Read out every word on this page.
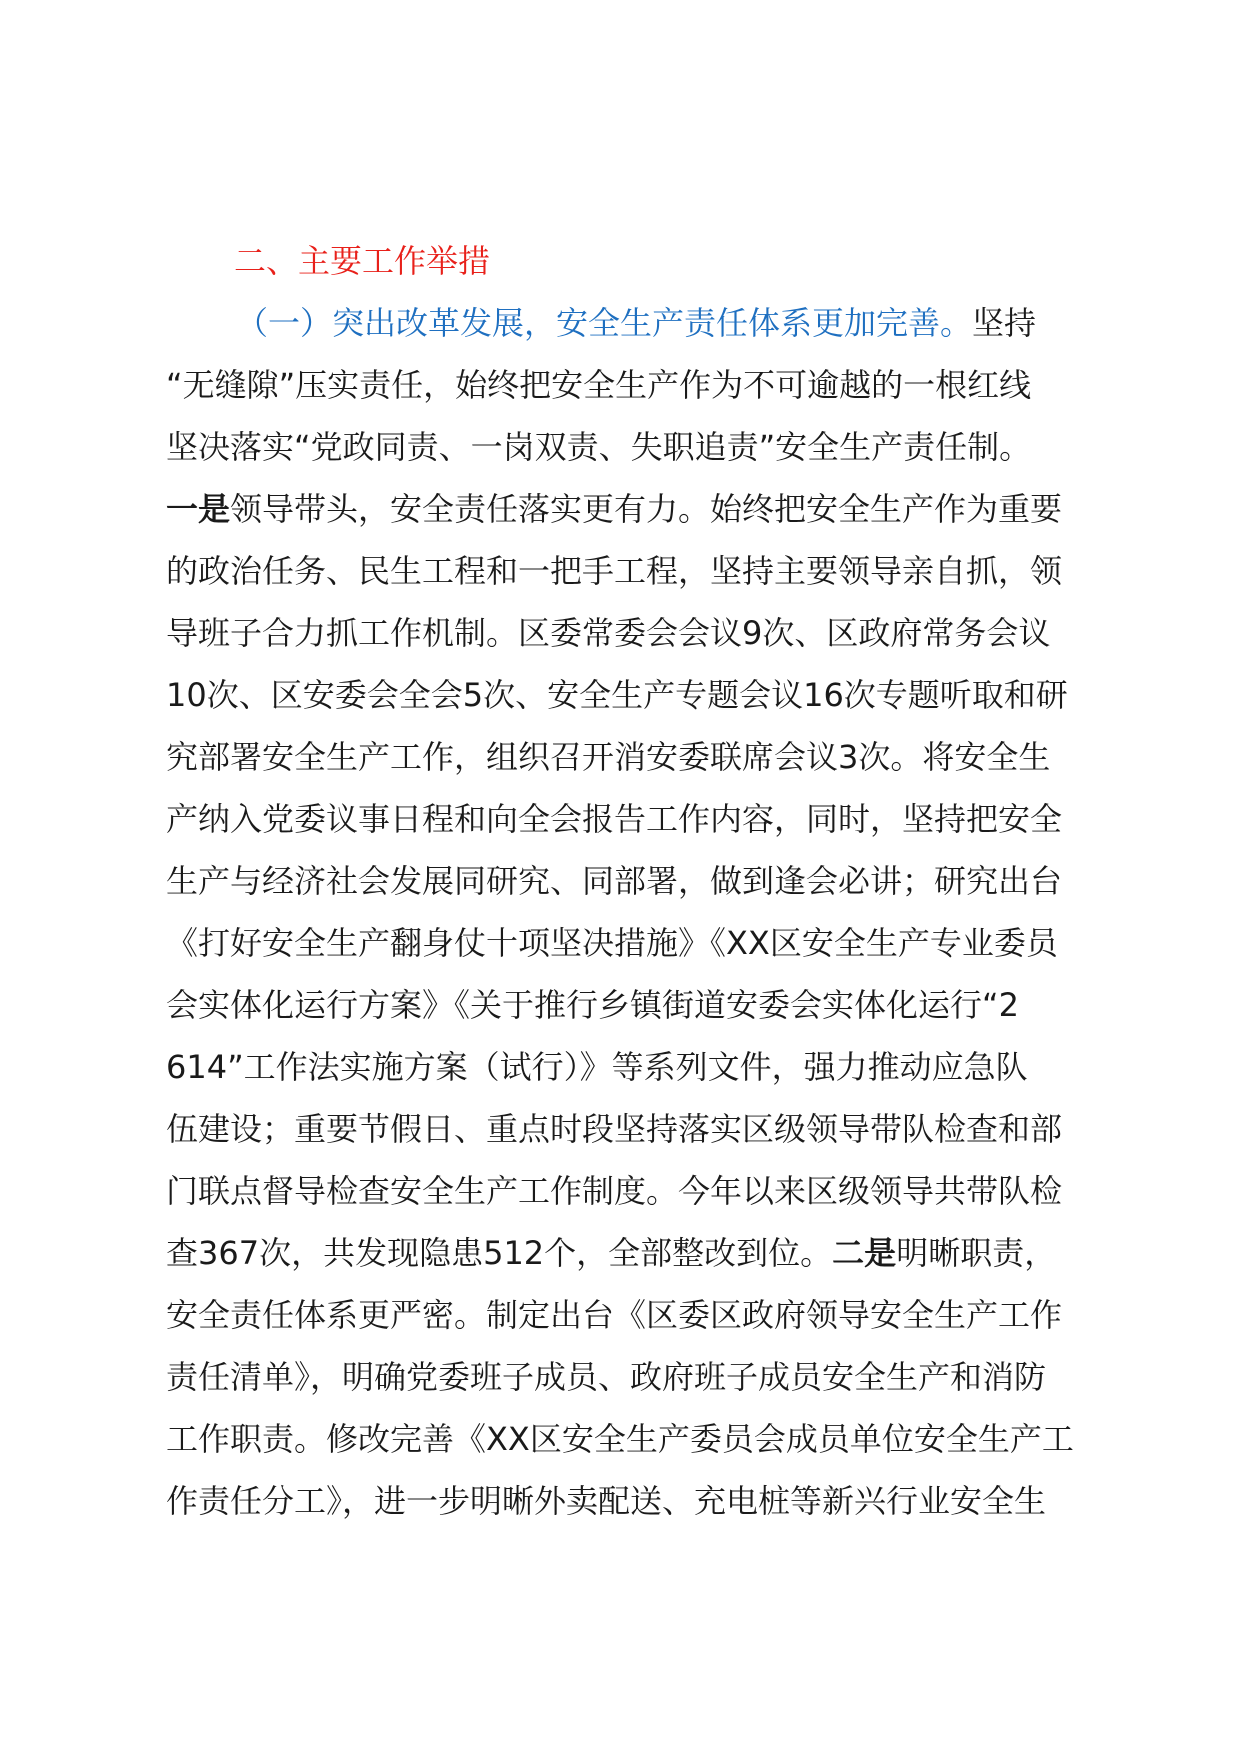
二、主要工作举措
（一）突出改革发展，安全生产责任体系更加完善。坚持
“无缝隙”压实责任，始终把安全生产作为不可逾越的一根红线
坚决落实“党政同责、一岗双责、失职追责”安全生产责任制。
一是领导带头，安全责任落实更有力。始终把安全生产作为重要
的政治任务、民生工程和一把手工程，坚持主要领导亲自抓，领
导班子合力抓工作机制。区委常委会会议9次、区政府常务会议
10次、区安委会全会5次、安全生产专题会议16次专题听取和研
究部署安全生产工作，组织召开消安委联席会议3次。将安全生
产纳入党委议事日程和向全会报告工作内容，同时，坚持把安全
生产与经济社会发展同研究、同部署，做到逢会必讲；研究出台
《打好安全生产翻身仗十项坚决措施》《XX区安全生产专业委员
会实体化运行方案》《关于推行乡镇街道安委会实体化运行“2
614”工作法实施方案（试行）》等系列文件，强力推动应急队
伍建设；重要节假日、重点时段坚持落实区级领导带队检查和部
门联点督导检查安全生产工作制度。今年以来区级领导共带队检
查367次，共发现隐患512个，全部整改到位。二是明晰职责，
安全责任体系更严密。制定出台《区委区政府领导安全生产工作
责任清单》，明确党委班子成员、政府班子成员安全生产和消防
工作职责。修改完善《XX区安全生产委员会成员单位安全生产工
作责任分工》，进一步明晰外卖配送、充电桩等新兴行业安全生
